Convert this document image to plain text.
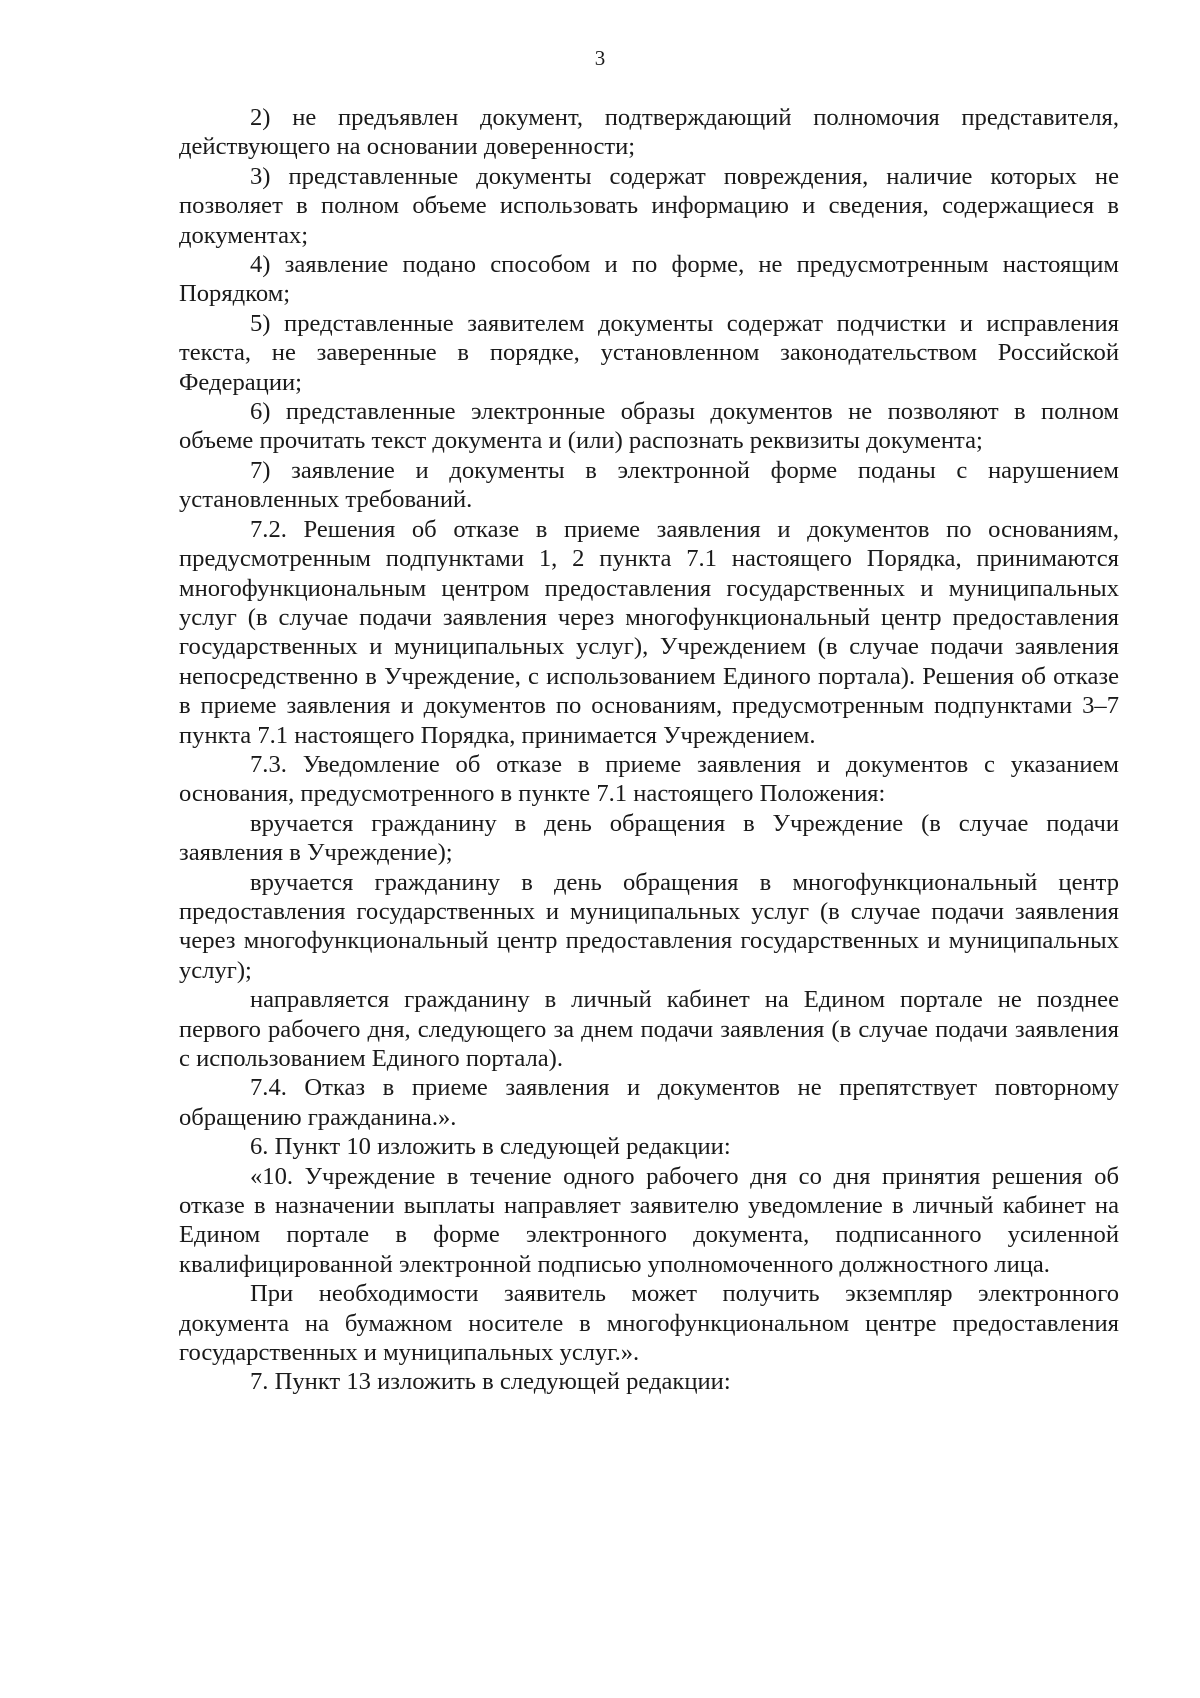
3

2) не предъявлен документ, подтверждающий полномочия представителя, действующего на основании доверенности;

3) представленные документы содержат повреждения, наличие которых не позволяет в полном объеме использовать информацию и сведения, содержащиеся в документах;

4) заявление подано способом и по форме, не предусмотренным настоящим Порядком;

5) представленные заявителем документы содержат подчистки и исправления текста, не заверенные в порядке, установленном законодательством Российской Федерации;

6) представленные электронные образы документов не позволяют в полном объеме прочитать текст документа и (или) распознать реквизиты документа;

7) заявление и документы в электронной форме поданы с нарушением установленных требований.

7.2. Решения об отказе в приеме заявления и документов по основаниям, предусмотренным подпунктами 1, 2 пункта 7.1 настоящего Порядка, принимаются многофункциональным центром предоставления государственных и муниципальных услуг (в случае подачи заявления через многофункциональный центр предоставления государственных и муниципальных услуг), Учреждением (в случае подачи заявления непосредственно в Учреждение, с использованием Единого портала). Решения об отказе в приеме заявления и документов по основаниям, предусмотренным подпунктами 3–7 пункта 7.1 настоящего Порядка, принимается Учреждением.

7.3. Уведомление об отказе в приеме заявления и документов с указанием основания, предусмотренного в пункте 7.1 настоящего Положения:

вручается гражданину в день обращения в Учреждение (в случае подачи заявления в Учреждение);

вручается гражданину в день обращения в многофункциональный центр предоставления государственных и муниципальных услуг (в случае подачи заявления через многофункциональный центр предоставления государственных и муниципальных услуг);

направляется гражданину в личный кабинет на Едином портале не позднее первого рабочего дня, следующего за днем подачи заявления (в случае подачи заявления с использованием Единого портала).

7.4. Отказ в приеме заявления и документов не препятствует повторному обращению гражданина.».

6. Пункт 10 изложить в следующей редакции:

«10. Учреждение в течение одного рабочего дня со дня принятия решения об отказе в назначении выплаты направляет заявителю уведомление в личный кабинет на Едином портале в форме электронного документа, подписанного усиленной квалифицированной электронной подписью уполномоченного должностного лица.

При необходимости заявитель может получить экземпляр электронного документа на бумажном носителе в многофункциональном центре предоставления государственных и муниципальных услуг.».

7. Пункт 13 изложить в следующей редакции:
